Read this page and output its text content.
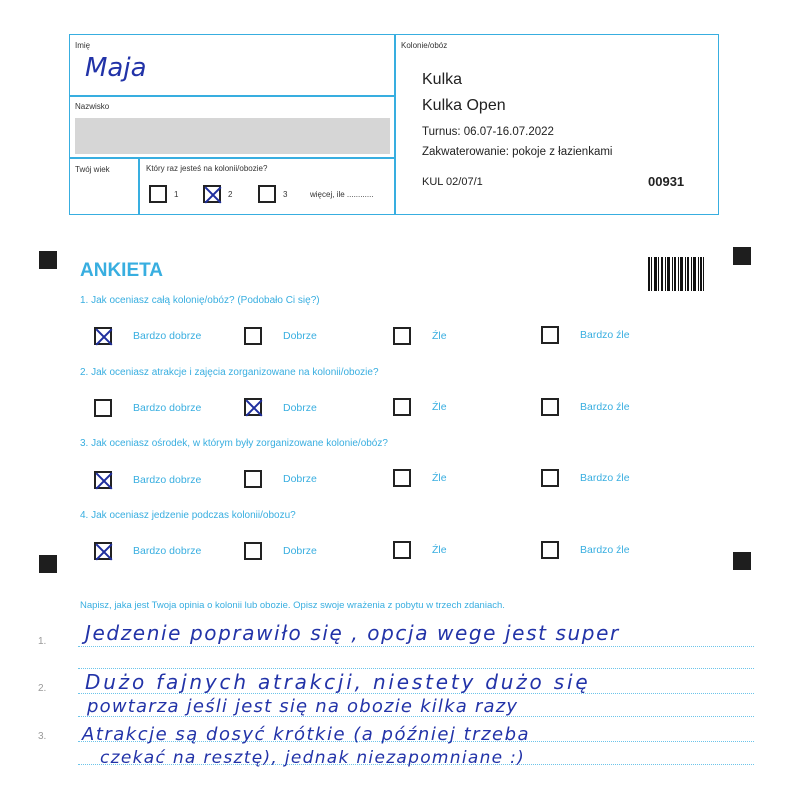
Imię
Maja
Nazwisko
Twój wiek	Który raz jesteś na kolonii/obozie?
1	2	3	więcej, ile ............
Kolonie/obóz
Kulka
Kulka Open
Turnus: 06.07-16.07.2022
Zakwaterowanie: pokoje z łazienkami
KUL 02/07/1	00931
ANKIETA
1. Jak oceniasz całą kolonię/obóz? (Podobało Ci się?)
Bardzo dobrze	Dobrze	Źle	Bardzo źle
2. Jak oceniasz atrakcje i zajęcia zorganizowane na kolonii/obozie?
Bardzo dobrze	Dobrze	Źle	Bardzo źle
3. Jak oceniasz ośrodek, w którym były zorganizowane kolonie/obóz?
Bardzo dobrze	Dobrze	Źle	Bardzo źle
4. Jak oceniasz jedzenie podczas kolonii/obozu?
Bardzo dobrze	Dobrze	Źle	Bardzo źle
Napisz, jaka jest Twoja opinia o kolonii lub obozie. Opisz swoje wrażenia z pobytu w trzech zdaniach.
1.
2.
3.
Jedzenie poprawiło się , opcja wege jest super
Dużo fajnych atrakcji, niestety dużo się
powtarza jeśli jest się na obozie kilka razy
Atrakcje są dosyć krótkie (a później trzeba
czekać na resztę), jednak niezapomniane :)
